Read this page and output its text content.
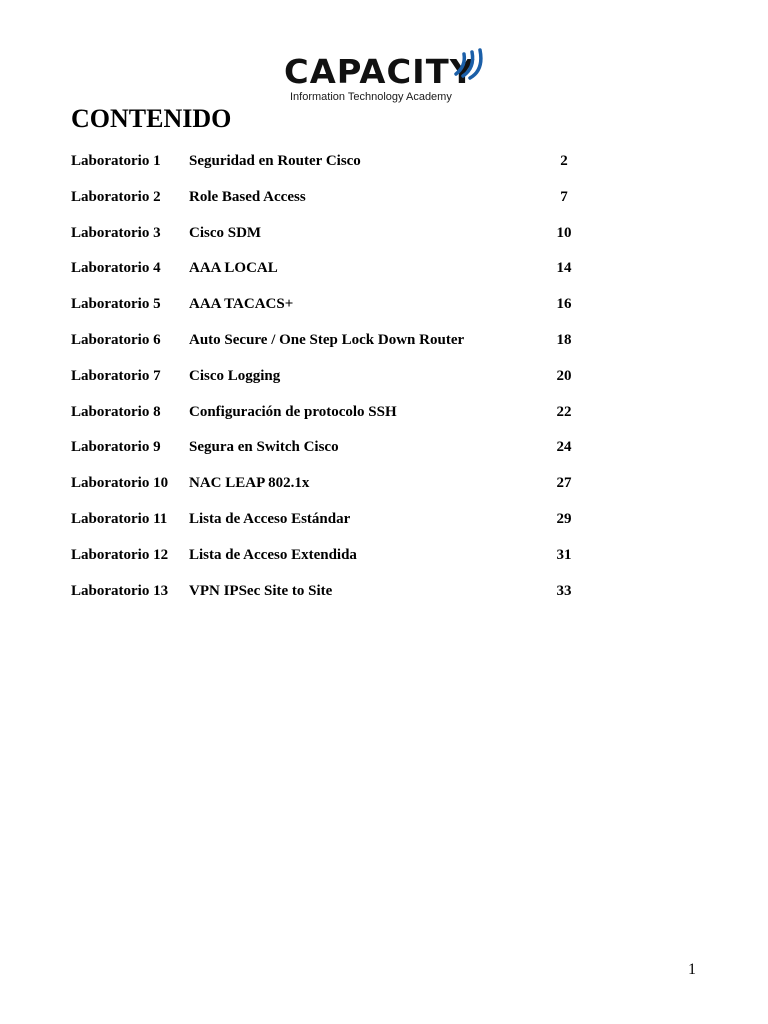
CAPACITY
Information Technology Academy
CONTENIDO
Laboratorio 1 Seguridad en Router Cisco	2
Laboratorio 2 Role Based Access	7
Laboratorio 3 Cisco SDM	10
Laboratorio 4 AAA LOCAL	14
Laboratorio 5 AAA TACACS+	16
Laboratorio 6 Auto Secure / One Step Lock Down Router	18
Laboratorio 7 Cisco Logging	20
Laboratorio 8 Configuración de protocolo SSH	22
Laboratorio 9 Segura en Switch Cisco	24
Laboratorio 10 NAC LEAP 802.1x	27
Laboratorio 11 Lista de Acceso Estándar	29
Laboratorio 12 Lista de Acceso Extendida	31
Laboratorio 13 VPN IPSec Site to Site	33
1
